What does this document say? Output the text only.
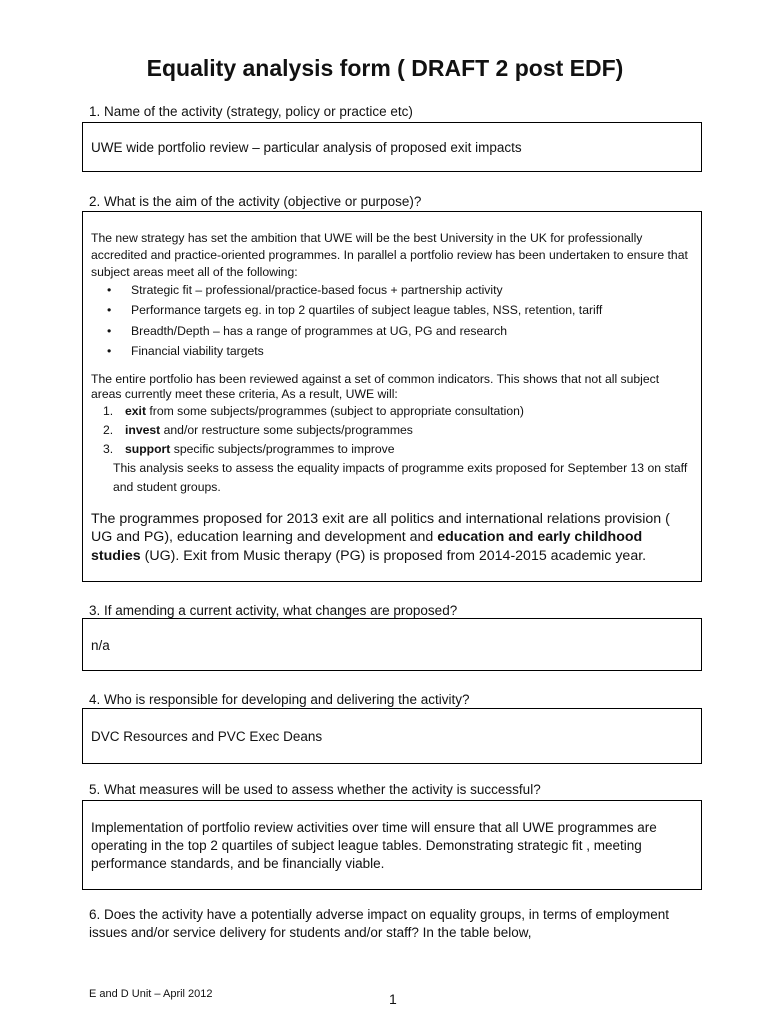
Equality analysis form ( DRAFT 2 post EDF)

1. Name of the activity (strategy, policy or practice etc)

UWE wide portfolio review – particular analysis of proposed exit impacts

2. What is the aim of the activity (objective or purpose)?

The new strategy has set the ambition that UWE will be the best University in the UK for professionally accredited and practice-oriented programmes. In parallel a portfolio review has been undertaken to ensure that subject areas meet all of the following:

• Strategic fit – professional/practice-based focus + partnership activity
• Performance targets eg. in top 2 quartiles of subject league tables, NSS, retention, tariff
• Breadth/Depth – has a range of programmes at UG, PG and research
• Financial viability targets

The entire portfolio has been reviewed against a set of common indicators. This shows that not all subject areas currently meet these criteria, As a result, UWE will:

1. exit from some subjects/programmes (subject to appropriate consultation)
2. invest and/or restructure some subjects/programmes
3. support specific subjects/programmes to improve

This analysis seeks to assess the equality impacts of programme exits proposed for September 13 on staff and student groups.

The programmes proposed for 2013 exit are all politics and international relations provision ( UG and PG), education learning and development and education and early childhood studies (UG). Exit from Music therapy (PG) is proposed from 2014-2015 academic year.

3. If amending a current activity, what changes are proposed?

n/a

4. Who is responsible for developing and delivering the activity?

DVC Resources and PVC Exec Deans

5. What measures will be used to assess whether the activity is successful?

Implementation of portfolio review activities over time will ensure that all UWE programmes are operating in the top 2 quartiles of subject league tables. Demonstrating strategic fit , meeting performance standards, and be financially viable.

6. Does the activity have a potentially adverse impact on equality groups, in terms of employment issues and/or service delivery for students and/or staff? In the table below,

E and D Unit – April 2012	1
